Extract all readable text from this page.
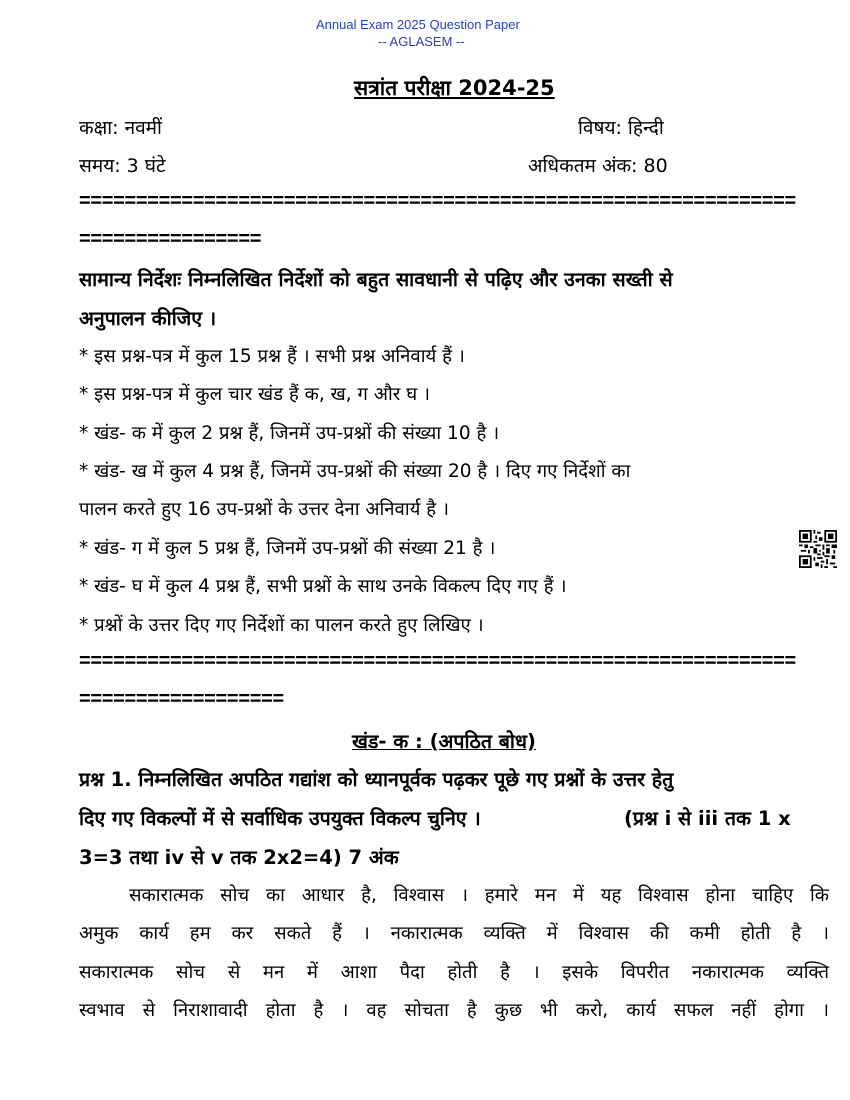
Annual Exam 2025 Question Paper
-- AGLASEM --
सत्रांत परीक्षा 2024-25
कक्षा: नवमीं	विषय: हिन्दी
समय: 3 घंटे	अधिकतम अंक: 80
===============================================================
================
सामान्य निर्देशः निम्नलिखित निर्देशों को बहुत सावधानी से पढ़िए और उनका सख्ती से
अनुपालन कीजिए ।
* इस प्रश्न-पत्र में कुल 15 प्रश्न हैं । सभी प्रश्न अनिवार्य हैं ।
* इस प्रश्न-पत्र में कुल चार खंड हैं क, ख, ग और घ ।
* खंड- क में कुल 2 प्रश्न हैं, जिनमें उप-प्रश्नों की संख्या 10 है ।
* खंड- ख में कुल 4 प्रश्न हैं, जिनमें उप-प्रश्नों की संख्या 20 है । दिए गए निर्देशों का
पालन करते हुए 16 उप-प्रश्नों के उत्तर देना अनिवार्य है ।
* खंड- ग में कुल 5 प्रश्न हैं, जिनमें उप-प्रश्नों की संख्या 21 है ।
* खंड- घ में कुल 4 प्रश्न हैं, सभी प्रश्नों के साथ उनके विकल्प दिए गए हैं ।
* प्रश्नों के उत्तर दिए गए निर्देशों का पालन करते हुए लिखिए ।
===============================================================
==================
खंड- क : (अपठित बोध)
प्रश्न 1. निम्नलिखित अपठित गद्यांश को ध्यानपूर्वक पढ़कर पूछे गए प्रश्नों के उत्तर हेतु
दिए गए विकल्पों में से सर्वाधिक उपयुक्त विकल्प चुनिए ।	(प्रश्न i से iii तक 1 x
3=3 तथा iv से v तक 2x2=4) 7 अंक
सकारात्मक सोच का आधार है, विश्वास । हमारे मन में यह विश्वास होना चाहिए कि
अमुक कार्य हम कर सकते हैं । नकारात्मक व्यक्ति में विश्वास की कमी होती है ।
सकारात्मक सोच से मन में आशा पैदा होती है । इसके विपरीत नकारात्मक व्यक्ति
स्वभाव से निराशावादी होता है । वह सोचता है कुछ भी करो, कार्य सफल नहीं होगा ।
